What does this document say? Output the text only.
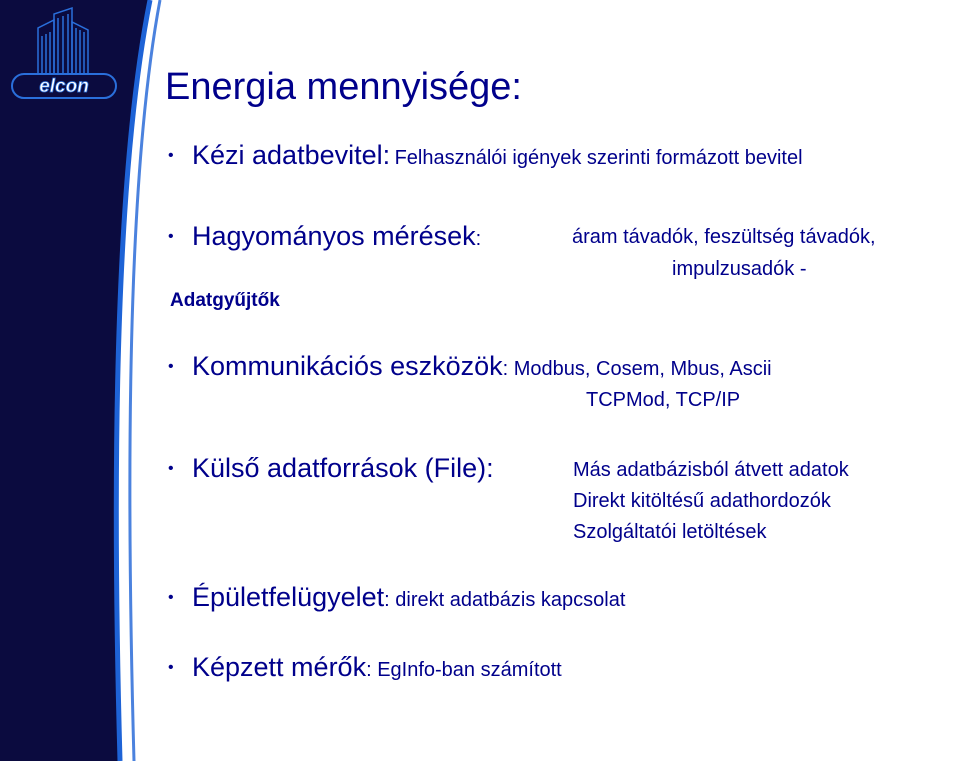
elcon Energia mennyisége:
• Kézi adatbevitel: Felhasználói igények szerinti formázott bevitel
• Hagyományos mérések:	áram távadók, feszültség távadók,
impulzusadók -
Adatgyűjtők
• Kommunikációs eszközök: Modbus, Cosem, Mbus, Ascii
TCPMod, TCP/IP
• Külső adatforrások (File):	Más adatbázisból átvett adatok
Direkt kitöltésű adathordozók
Szolgáltatói letöltések
• Épületfelügyelet: direkt adatbázis kapcsolat
• Képzett mérők: EgInfo-ban számított
